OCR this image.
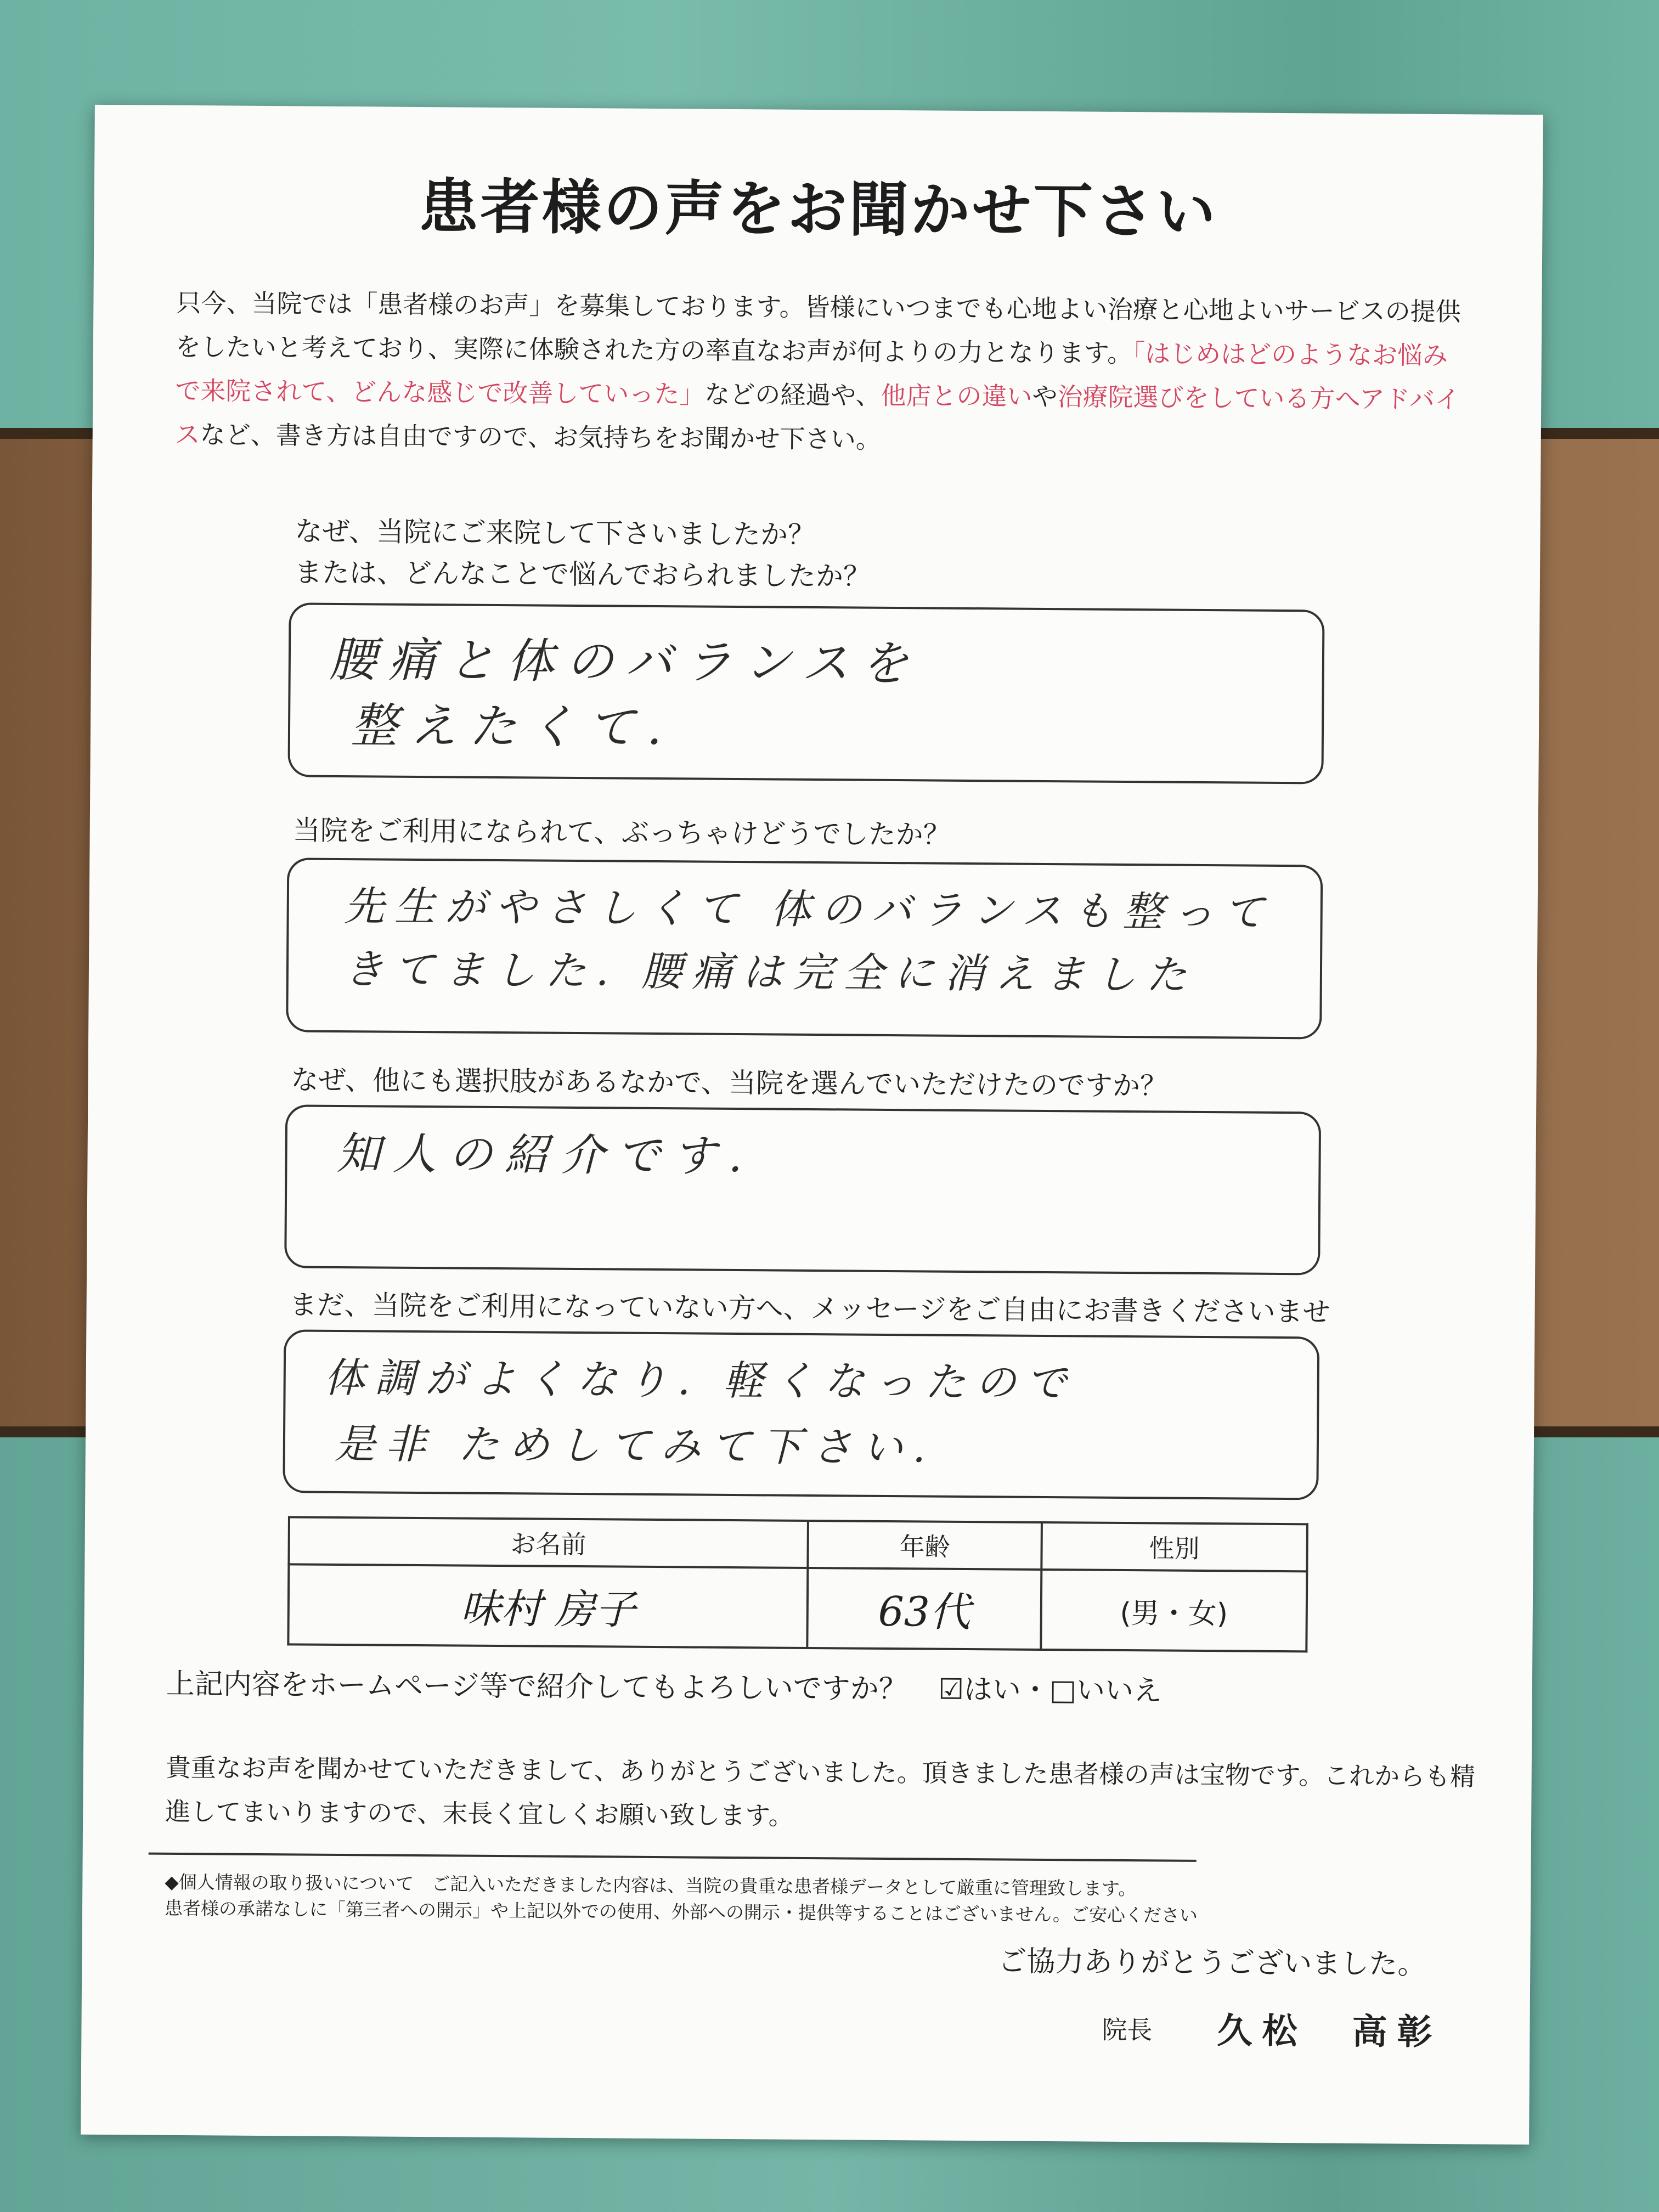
患者様の声をお聞かせ下さい
只今、当院では「患者様のお声」を募集しております。皆様にいつまでも心地よい治療と心地よいサービスの提供をしたいと考えており、実際に体験された方の率直なお声が何よりの力となります。「はじめはどのようなお悩みで来院されて、どんな感じで改善していった」などの経過や、他店との違いや治療院選びをしている方へアドバイスなど、書き方は自由ですので、お気持ちをお聞かせ下さい。
なぜ、当院にご来院して下さいましたか？
または、どんなことで悩んでおられましたか？
腰痛と体のバランスを
整えたくて.
当院をご利用になられて、ぶっちゃけどうでしたか？
先生がやさしくて 体のバランスも整って
きてました. 腰痛は完全に消えました
なぜ、他にも選択肢があるなかで、当院を選んでいただけたのですか？
知人の紹介です.
まだ、当院をご利用になっていない方へ、メッセージをご自由にお書きくださいませ
体調がよくなり. 軽くなったので
是非 ためしてみて下さい.
お名前	年齢	性別
味村 房子	63代	(男・女)
上記内容をホームページ等で紹介してもよろしいですか？ ☑はい・□いいえ
貴重なお声を聞かせていただきまして、ありがとうございました。頂きました患者様の声は宝物です。これからも精進してまいりますので、末長く宜しくお願い致します。
◆個人情報の取り扱いについて　ご記入いただきました内容は、当院の貴重な患者様データとして厳重に管理致します。
患者様の承諾なしに「第三者への開示」や上記以外での使用、外部への開示・提供等することはございません。ご安心ください
ご協力ありがとうございました。
院長 久松　高彰
